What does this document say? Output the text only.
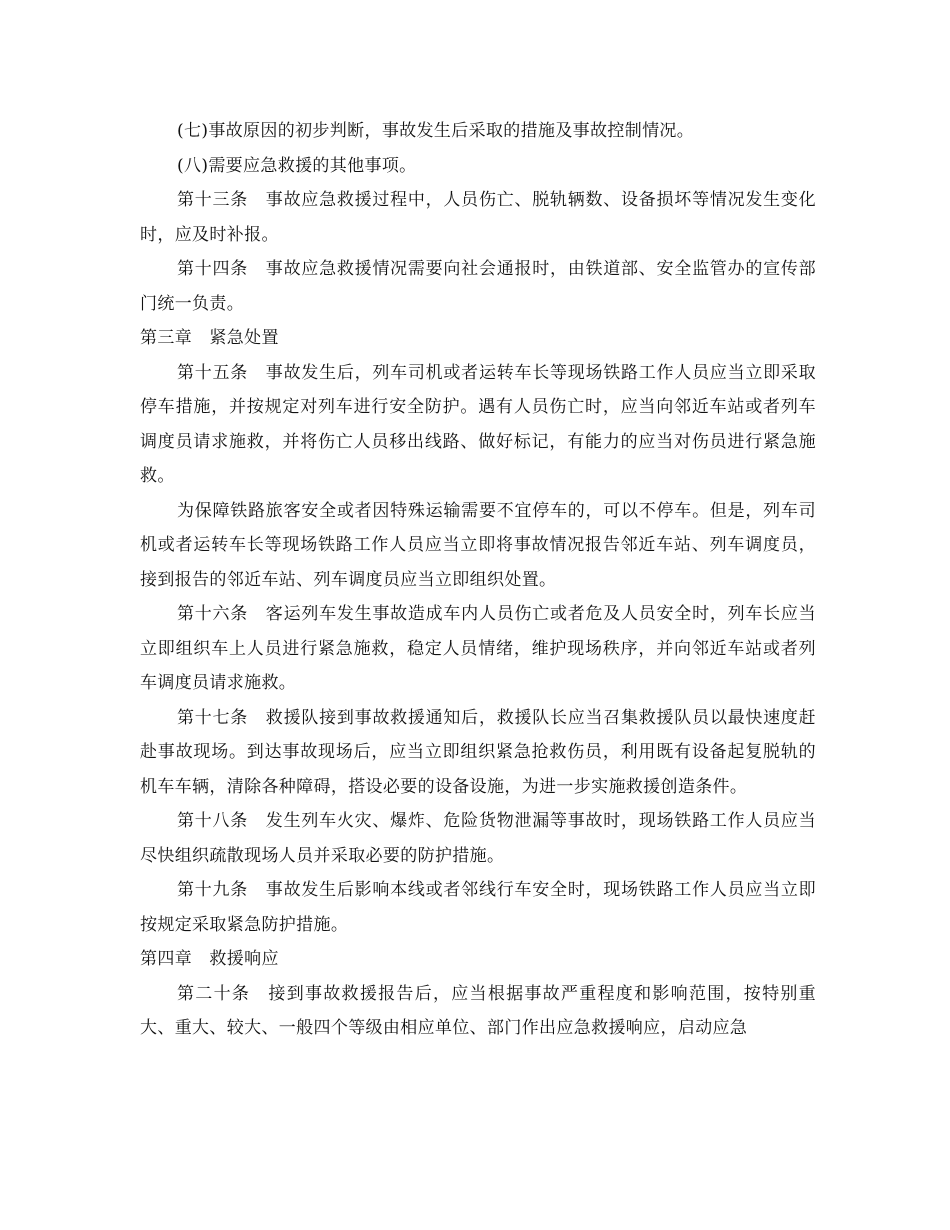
(七)事故原因的初步判断，事故发生后采取的措施及事故控制情况。

(八)需要应急救援的其他事项。

第十三条　事故应急救援过程中，人员伤亡、脱轨辆数、设备损坏等情况发生变化时，应及时补报。

第十四条　事故应急救援情况需要向社会通报时，由铁道部、安全监管办的宣传部门统一负责。

第三章　紧急处置

第十五条　事故发生后，列车司机或者运转车长等现场铁路工作人员应当立即采取停车措施，并按规定对列车进行安全防护。遇有人员伤亡时，应当向邻近车站或者列车调度员请求施救，并将伤亡人员移出线路、做好标记，有能力的应当对伤员进行紧急施救。

为保障铁路旅客安全或者因特殊运输需要不宜停车的，可以不停车。但是，列车司机或者运转车长等现场铁路工作人员应当立即将事故情况报告邻近车站、列车调度员，接到报告的邻近车站、列车调度员应当立即组织处置。

第十六条　客运列车发生事故造成车内人员伤亡或者危及人员安全时，列车长应当立即组织车上人员进行紧急施救，稳定人员情绪，维护现场秩序，并向邻近车站或者列车调度员请求施救。

第十七条　救援队接到事故救援通知后，救援队长应当召集救援队员以最快速度赶赴事故现场。到达事故现场后，应当立即组织紧急抢救伤员，利用既有设备起复脱轨的机车车辆，清除各种障碍，搭设必要的设备设施，为进一步实施救援创造条件。

第十八条　发生列车火灾、爆炸、危险货物泄漏等事故时，现场铁路工作人员应当尽快组织疏散现场人员并采取必要的防护措施。

第十九条　事故发生后影响本线或者邻线行车安全时，现场铁路工作人员应当立即按规定采取紧急防护措施。

第四章　救援响应

第二十条　接到事故救援报告后，应当根据事故严重程度和影响范围，按特别重大、重大、较大、一般四个等级由相应单位、部门作出应急救援响应，启动应急
